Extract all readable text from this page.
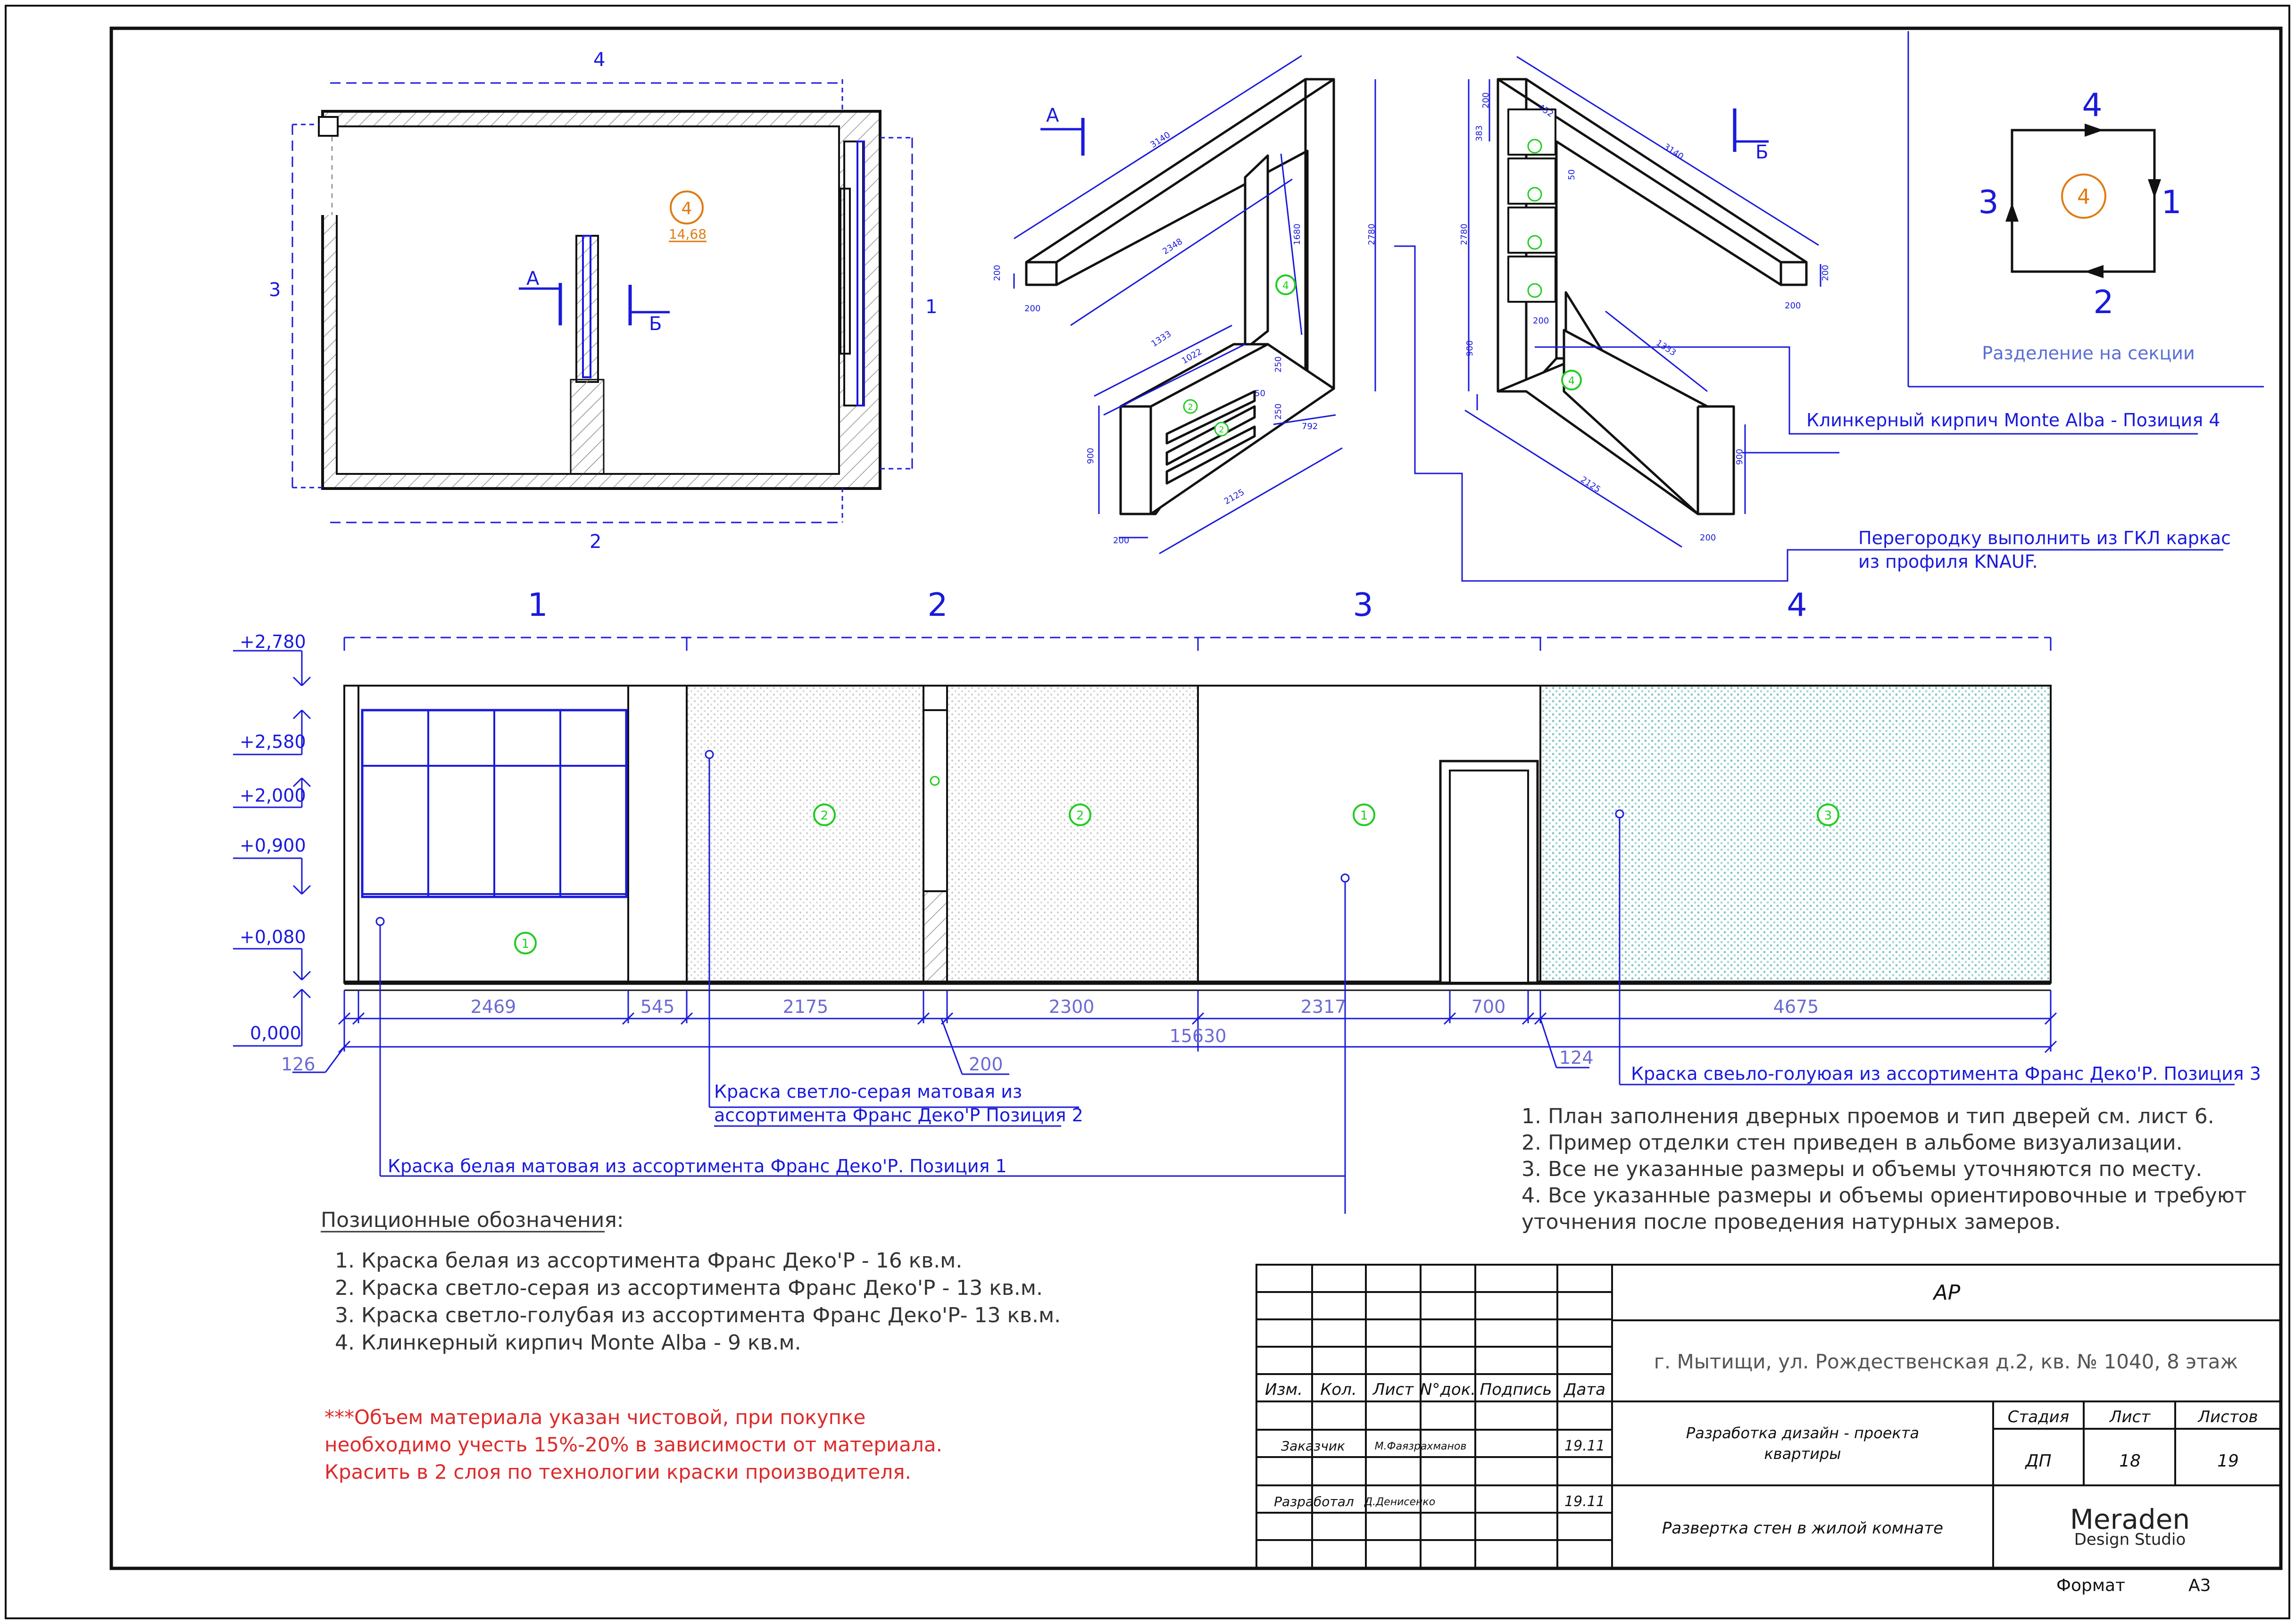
4
3
1
2
А
Б
4
14,68
3140
2348
1680	2780
200
200
1333
1022	250
250
50
900
200
792
2125
А
4
2
2
3140
452
200
383
50
2780
900	1333
200
200
200
900
2125
200
Б
4
Клинкерный кирпич Monte Alba - Позиция 4
Перегородку выполнить из ГКЛ каркас
из профиля KNAUF.
4
3	1
2
4
Разделение на секции
1	2	3	4
+2,780
+2,580
+2,000
+0,900
+0,080
0,000
2469	545	2175	2300	2317	700	4675
15630
126	200	124
1
2	2	1	3
Краска светло-серая матовая из
ассортимента Франс Деко'Р Позиция 2
Краска белая матовая из ассортимента Франс Деко'Р. Позиция 1
Краска свеьло-голуюая из ассортимента Франс Деко'Р. Позиция 3
1. План заполнения дверных проемов и тип дверей см. лист 6.
2. Пример отделки стен приведен в альбоме визуализации.
3. Все не указанные размеры и объемы уточняются по месту.
4. Все указанные размеры и объемы ориентировочные и требуют
уточнения после проведения натурных замеров.
Позиционные обозначения:
1. Краска белая из ассортимента Франс Деко'Р - 16 кв.м.
2. Краска светло-серая из ассортимента Франс Деко'Р - 13 кв.м.
3. Краска светло-голубая из ассортимента Франс Деко'Р- 13 кв.м.
4. Клинкерный кирпич Monte Alba - 9 кв.м.
***Объем материала указан чистовой, при покупке
необходимо учесть 15%-20% в зависимости от материала.
Красить в 2 слоя по технологии краски производителя.
Изм. Кол. Лист N°док. Подпись Дата
Заказчик	М.Фаязрахманов	19.11
Разработал Д.Денисенко	19.11
АР
г. Мытищи, ул. Рождественская д.2, кв. № 1040, 8 этаж
Разработка дизайн - проекта
квартиры
Развертка стен в жилой комнате
Стадия	Лист	Листов
ДП	18	19
Meraden
Design Studio
Формат	А3
